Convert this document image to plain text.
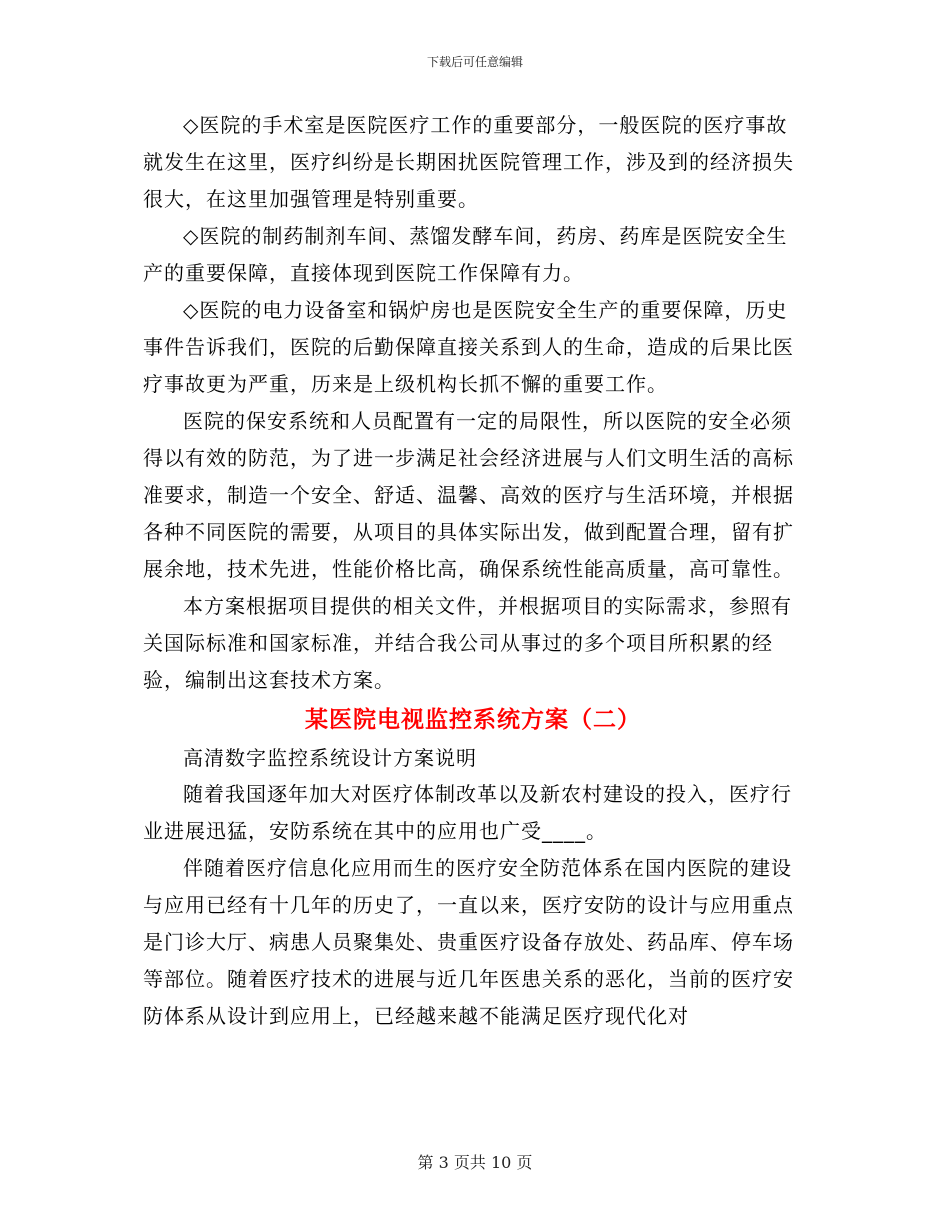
下载后可任意编辑

◇医院的手术室是医院医疗工作的重要部分，一般医院的医疗事故就发生在这里，医疗纠纷是长期困扰医院管理工作，涉及到的经济损失很大，在这里加强管理是特别重要。

◇医院的制药制剂车间、蒸馏发酵车间，药房、药库是医院安全生产的重要保障，直接体现到医院工作保障有力。

◇医院的电力设备室和锅炉房也是医院安全生产的重要保障，历史事件告诉我们，医院的后勤保障直接关系到人的生命，造成的后果比医疗事故更为严重，历来是上级机构长抓不懈的重要工作。

医院的保安系统和人员配置有一定的局限性，所以医院的安全必须得以有效的防范，为了进一步满足社会经济进展与人们文明生活的高标准要求，制造一个安全、舒适、温馨、高效的医疗与生活环境，并根据各种不同医院的需要，从项目的具体实际出发，做到配置合理，留有扩展余地，技术先进，性能价格比高，确保系统性能高质量，高可靠性。

本方案根据项目提供的相关文件，并根据项目的实际需求，参照有关国际标准和国家标准，并结合我公司从事过的多个项目所积累的经验，编制出这套技术方案。

某医院电视监控系统方案（二）

高清数字监控系统设计方案说明

随着我国逐年加大对医疗体制改革以及新农村建设的投入，医疗行业进展迅猛，安防系统在其中的应用也广受____。

伴随着医疗信息化应用而生的医疗安全防范体系在国内医院的建设与应用已经有十几年的历史了，一直以来，医疗安防的设计与应用重点是门诊大厅、病患人员聚集处、贵重医疗设备存放处、药品库、停车场等部位。随着医疗技术的进展与近几年医患关系的恶化，当前的医疗安防体系从设计到应用上，已经越来越不能满足医疗现代化对

第 3 页共 10 页
